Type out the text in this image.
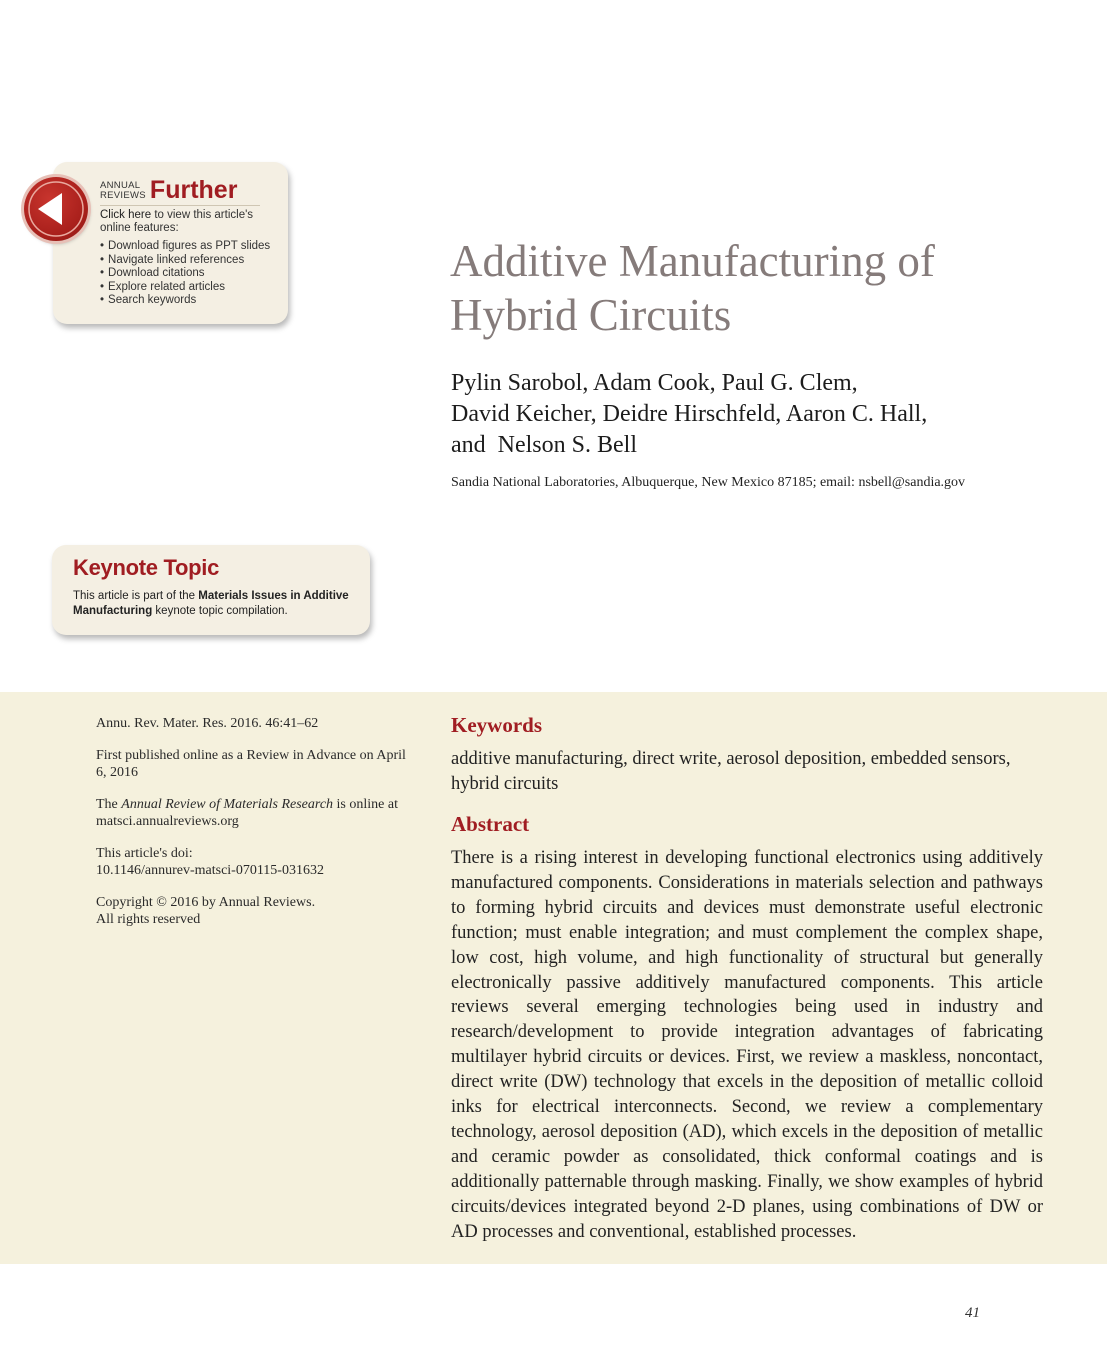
ANNUAL
REVIEWS Further
Click here to view this article's online features:
• Download figures as PPT slides
• Navigate linked references
• Download citations
• Explore related articles
• Search keywords
Additive Manufacturing of
Hybrid Circuits
Pylin Sarobol, Adam Cook, Paul G. Clem,
David Keicher, Deidre Hirschfeld, Aaron C. Hall,
and  Nelson S. Bell
Sandia National Laboratories, Albuquerque, New Mexico 87185; email: nsbell@sandia.gov
Keynote Topic
This article is part of the Materials Issues in Additive Manufacturing keynote topic compilation.

Annu. Rev. Mater. Res. 2016. 46:41–62

First published online as a Review in Advance on April 6, 2016

The Annual Review of Materials Research is online at matsci.annualreviews.org

This article's doi:
10.1146/annurev-matsci-070115-031632

Copyright © 2016 by Annual Reviews.
All rights reserved

Keywords
additive manufacturing, direct write, aerosol deposition, embedded sensors, hybrid circuits
Abstract
There is a rising interest in developing functional electronics using additively manufactured components. Considerations in materials selection and pathways to forming hybrid circuits and devices must demonstrate useful electronic function; must enable integration; and must complement the complex shape, low cost, high volume, and high functionality of structural but generally electronically passive additively manufactured components. This article reviews several emerging technologies being used in industry and research/development to provide integration advantages of fabricating multilayer hybrid circuits or devices. First, we review a maskless, noncontact, direct write (DW) technology that excels in the deposition of metallic colloid inks for electrical interconnects. Second, we review a complementary technology, aerosol deposition (AD), which excels in the deposition of metallic and ceramic powder as consolidated, thick conformal coatings and is additionally patternable through masking. Finally, we show examples of hybrid circuits/devices integrated beyond 2-D planes, using combinations of DW or AD processes and conventional, established processes.
41
